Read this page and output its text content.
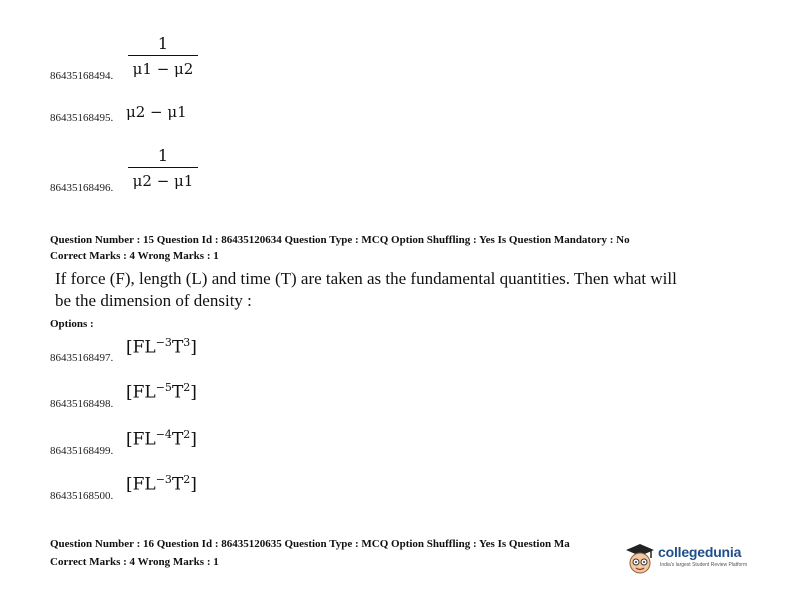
86435168494.
1
μ1 − μ2
86435168495. μ2 − μ1
86435168496.
1
μ2 − μ1
Question Number : 15 Question Id : 86435120634 Question Type : MCQ Option Shuffling : Yes Is Question Mandatory : No
Correct Marks : 4 Wrong Marks : 1
If force (F), length (L) and time (T) are taken as the fundamental quantities. Then what will
be the dimension of density :
Options :
86435168497.
$[FL^{-3}T^3]$
86435168498.
$[FL^{-5}T^2]$
86435168499.
$[FL^{-4}T^2]$
86435168500.
$[FL^{-3}T^2]$
Question Number : 16 Question Id : 86435120635 Question Type : MCQ Option Shuffling : Yes Is Question Ma
Correct Marks : 4 Wrong Marks : 1
collegedunia
India's largest Student Review Platform
